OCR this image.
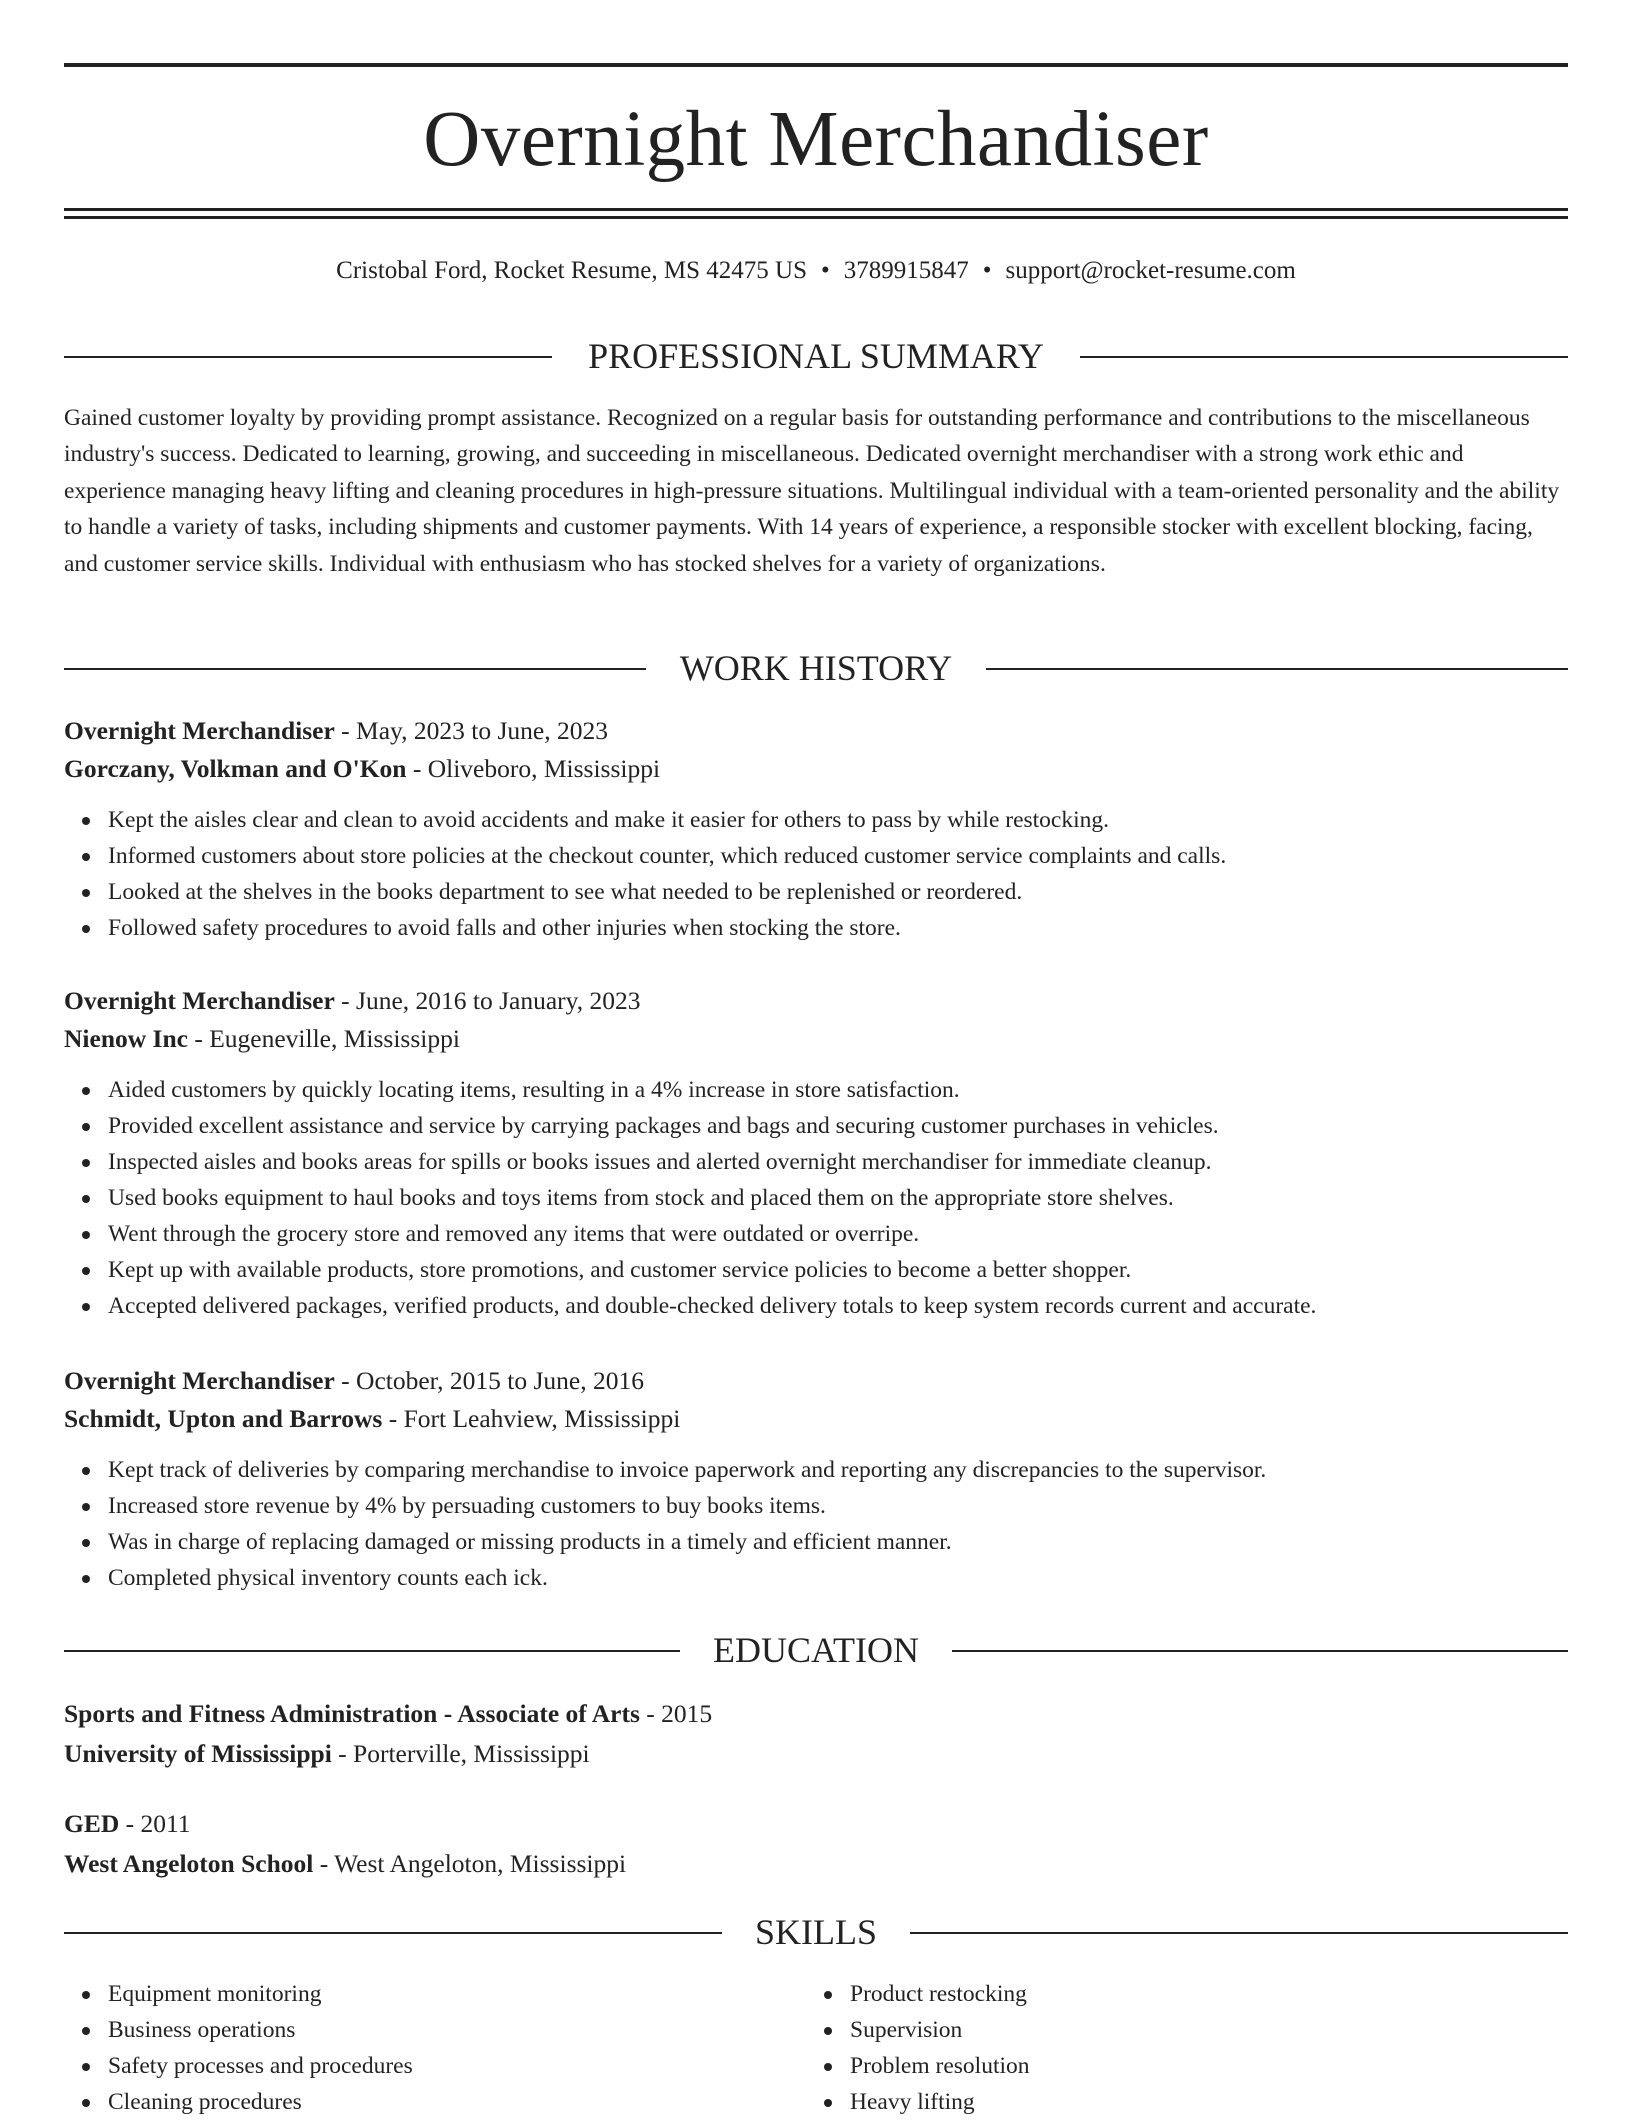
Overnight Merchandiser
Cristobal Ford, Rocket Resume, MS 42475 US • 3789915847 • support@rocket-resume.com
PROFESSIONAL SUMMARY

Gained customer loyalty by providing prompt assistance. Recognized on a regular basis for outstanding performance and contributions to the miscellaneous industry's success. Dedicated to learning, growing, and succeeding in miscellaneous. Dedicated overnight merchandiser with a strong work ethic and experience managing heavy lifting and cleaning procedures in high-pressure situations. Multilingual individual with a team-oriented personality and the ability to handle a variety of tasks, including shipments and customer payments. With 14 years of experience, a responsible stocker with excellent blocking, facing, and customer service skills. Individual with enthusiasm who has stocked shelves for a variety of organizations.

WORK HISTORY

Overnight Merchandiser - May, 2023 to June, 2023

Gorczany, Volkman and O'Kon - Oliveboro, Mississippi

Kept the aisles clear and clean to avoid accidents and make it easier for others to pass by while restocking.
Informed customers about store policies at the checkout counter, which reduced customer service complaints and calls.
Looked at the shelves in the books department to see what needed to be replenished or reordered.
Followed safety procedures to avoid falls and other injuries when stocking the store.

Overnight Merchandiser - June, 2016 to January, 2023

Nienow Inc - Eugeneville, Mississippi

Aided customers by quickly locating items, resulting in a 4% increase in store satisfaction.
Provided excellent assistance and service by carrying packages and bags and securing customer purchases in vehicles.
Inspected aisles and books areas for spills or books issues and alerted overnight merchandiser for immediate cleanup.
Used books equipment to haul books and toys items from stock and placed them on the appropriate store shelves.
Went through the grocery store and removed any items that were outdated or overripe.
Kept up with available products, store promotions, and customer service policies to become a better shopper.
Accepted delivered packages, verified products, and double-checked delivery totals to keep system records current and accurate.

Overnight Merchandiser - October, 2015 to June, 2016

Schmidt, Upton and Barrows - Fort Leahview, Mississippi

Kept track of deliveries by comparing merchandise to invoice paperwork and reporting any discrepancies to the supervisor.
Increased store revenue by 4% by persuading customers to buy books items.
Was in charge of replacing damaged or missing products in a timely and efficient manner.
Completed physical inventory counts each ick.
EDUCATION

Sports and Fitness Administration - Associate of Arts - 2015

University of Mississippi - Porterville, Mississippi

GED - 2011

West Angeloton School - West Angeloton, Mississippi

SKILLS
Equipment monitoring
Business operations
Safety processes and procedures
Cleaning procedures
Product restocking
Supervision
Problem resolution
Heavy lifting
